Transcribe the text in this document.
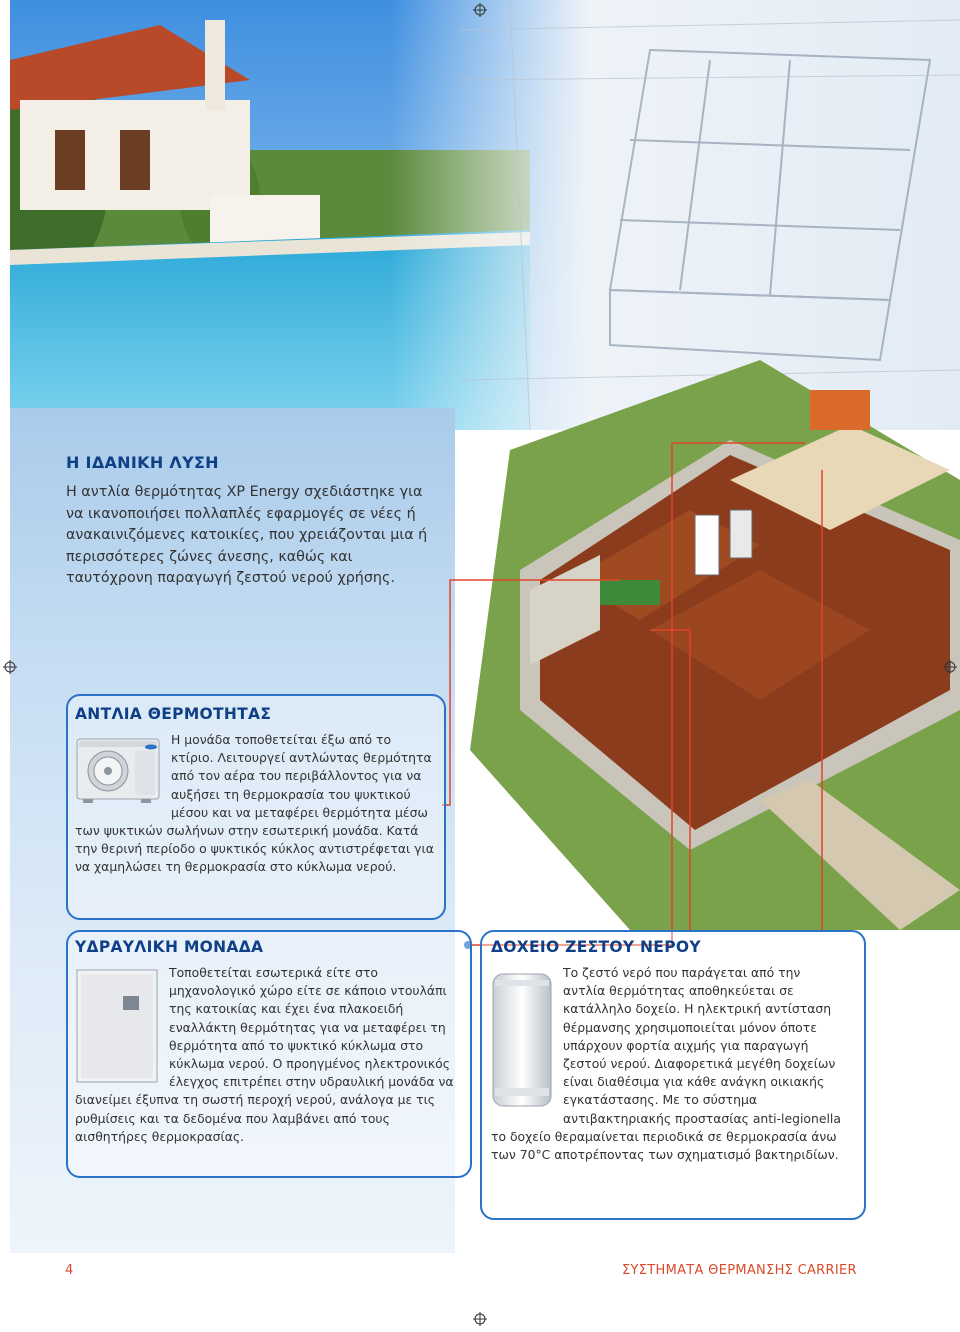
Η ΙΔΑΝΙΚΗ ΛΥΣΗ
Η αντλία θερμότητας XP Energy σχεδιάστηκε για να ικανοποιήσει πολλαπλές εφαρμογές σε νέες ή ανακαινιζόμενες κατοικίες, που χρειάζονται μια ή περισσότερες ζώνες άνεσης, καθώς και ταυτόχρονη παραγωγή ζεστού νερού χρήσης.
ΑΝΤΛΙΑ ΘΕΡΜΟΤΗΤΑΣ
Η μονάδα τοποθετείται έξω από το κτίριο. Λειτουργεί αντλώντας θερμότητα από τον αέρα του περιβάλλοντος για να αυξήσει τη θερμοκρασία του ψυκτικού μέσου και να μεταφέρει θερμότητα μέσω των ψυκτικών σωλήνων στην εσωτερική μονάδα. Κατά την θερινή περίοδο ο ψυκτικός κύκλος αντιστρέφεται για να χαμηλώσει τη θερμοκρασία στο κύκλωμα νερού.
ΥΔΡΑΥΛΙΚΗ ΜΟΝΑΔΑ
Τοποθετείται εσωτερικά είτε στο μηχανολογικό χώρο είτε σε κάποιο ντουλάπι της κατοικίας και έχει ένα πλακοειδή εναλλάκτη θερμότητας για να μεταφέρει τη θερμότητα από το ψυκτικό κύκλωμα στο κύκλωμα νερού. Ο προηγμένος ηλεκτρονικός έλεγχος επιτρέπει στην υδραυλική μονάδα να διανείμει έξυπνα τη σωστή περοχή νερού, ανάλογα με τις ρυθμίσεις και τα δεδομένα που λαμβάνει από τους αισθητήρες θερμοκρασίας.
ΔΟΧΕΙΟ ΖΕΣΤΟΥ ΝΕΡΟΥ
Το ζεστό νερό που παράγεται από την αντλία θερμότητας αποθηκεύεται σε κατάλληλο δοχείο. Η ηλεκτρική αντίσταση θέρμανσης χρησιμοποιείται μόνον όποτε υπάρχουν φορτία αιχμής για παραγωγή ζεστού νερού. Διαφορετικά μεγέθη δοχείων είναι διαθέσιμα για κάθε ανάγκη οικιακής εγκατάστασης. Με το σύστημα αντιβακτηριακής προστασίας anti-legionella το δοχείο θεραμαίνεται περιοδικά σε θερμοκρασία άνω των 70°C αποτρέποντας των σχηματισμό βακτηριδίων.
4	ΣΥΣΤΗΜΑΤΑ ΘΕΡΜΑΝΣΗΣ CARRIER
